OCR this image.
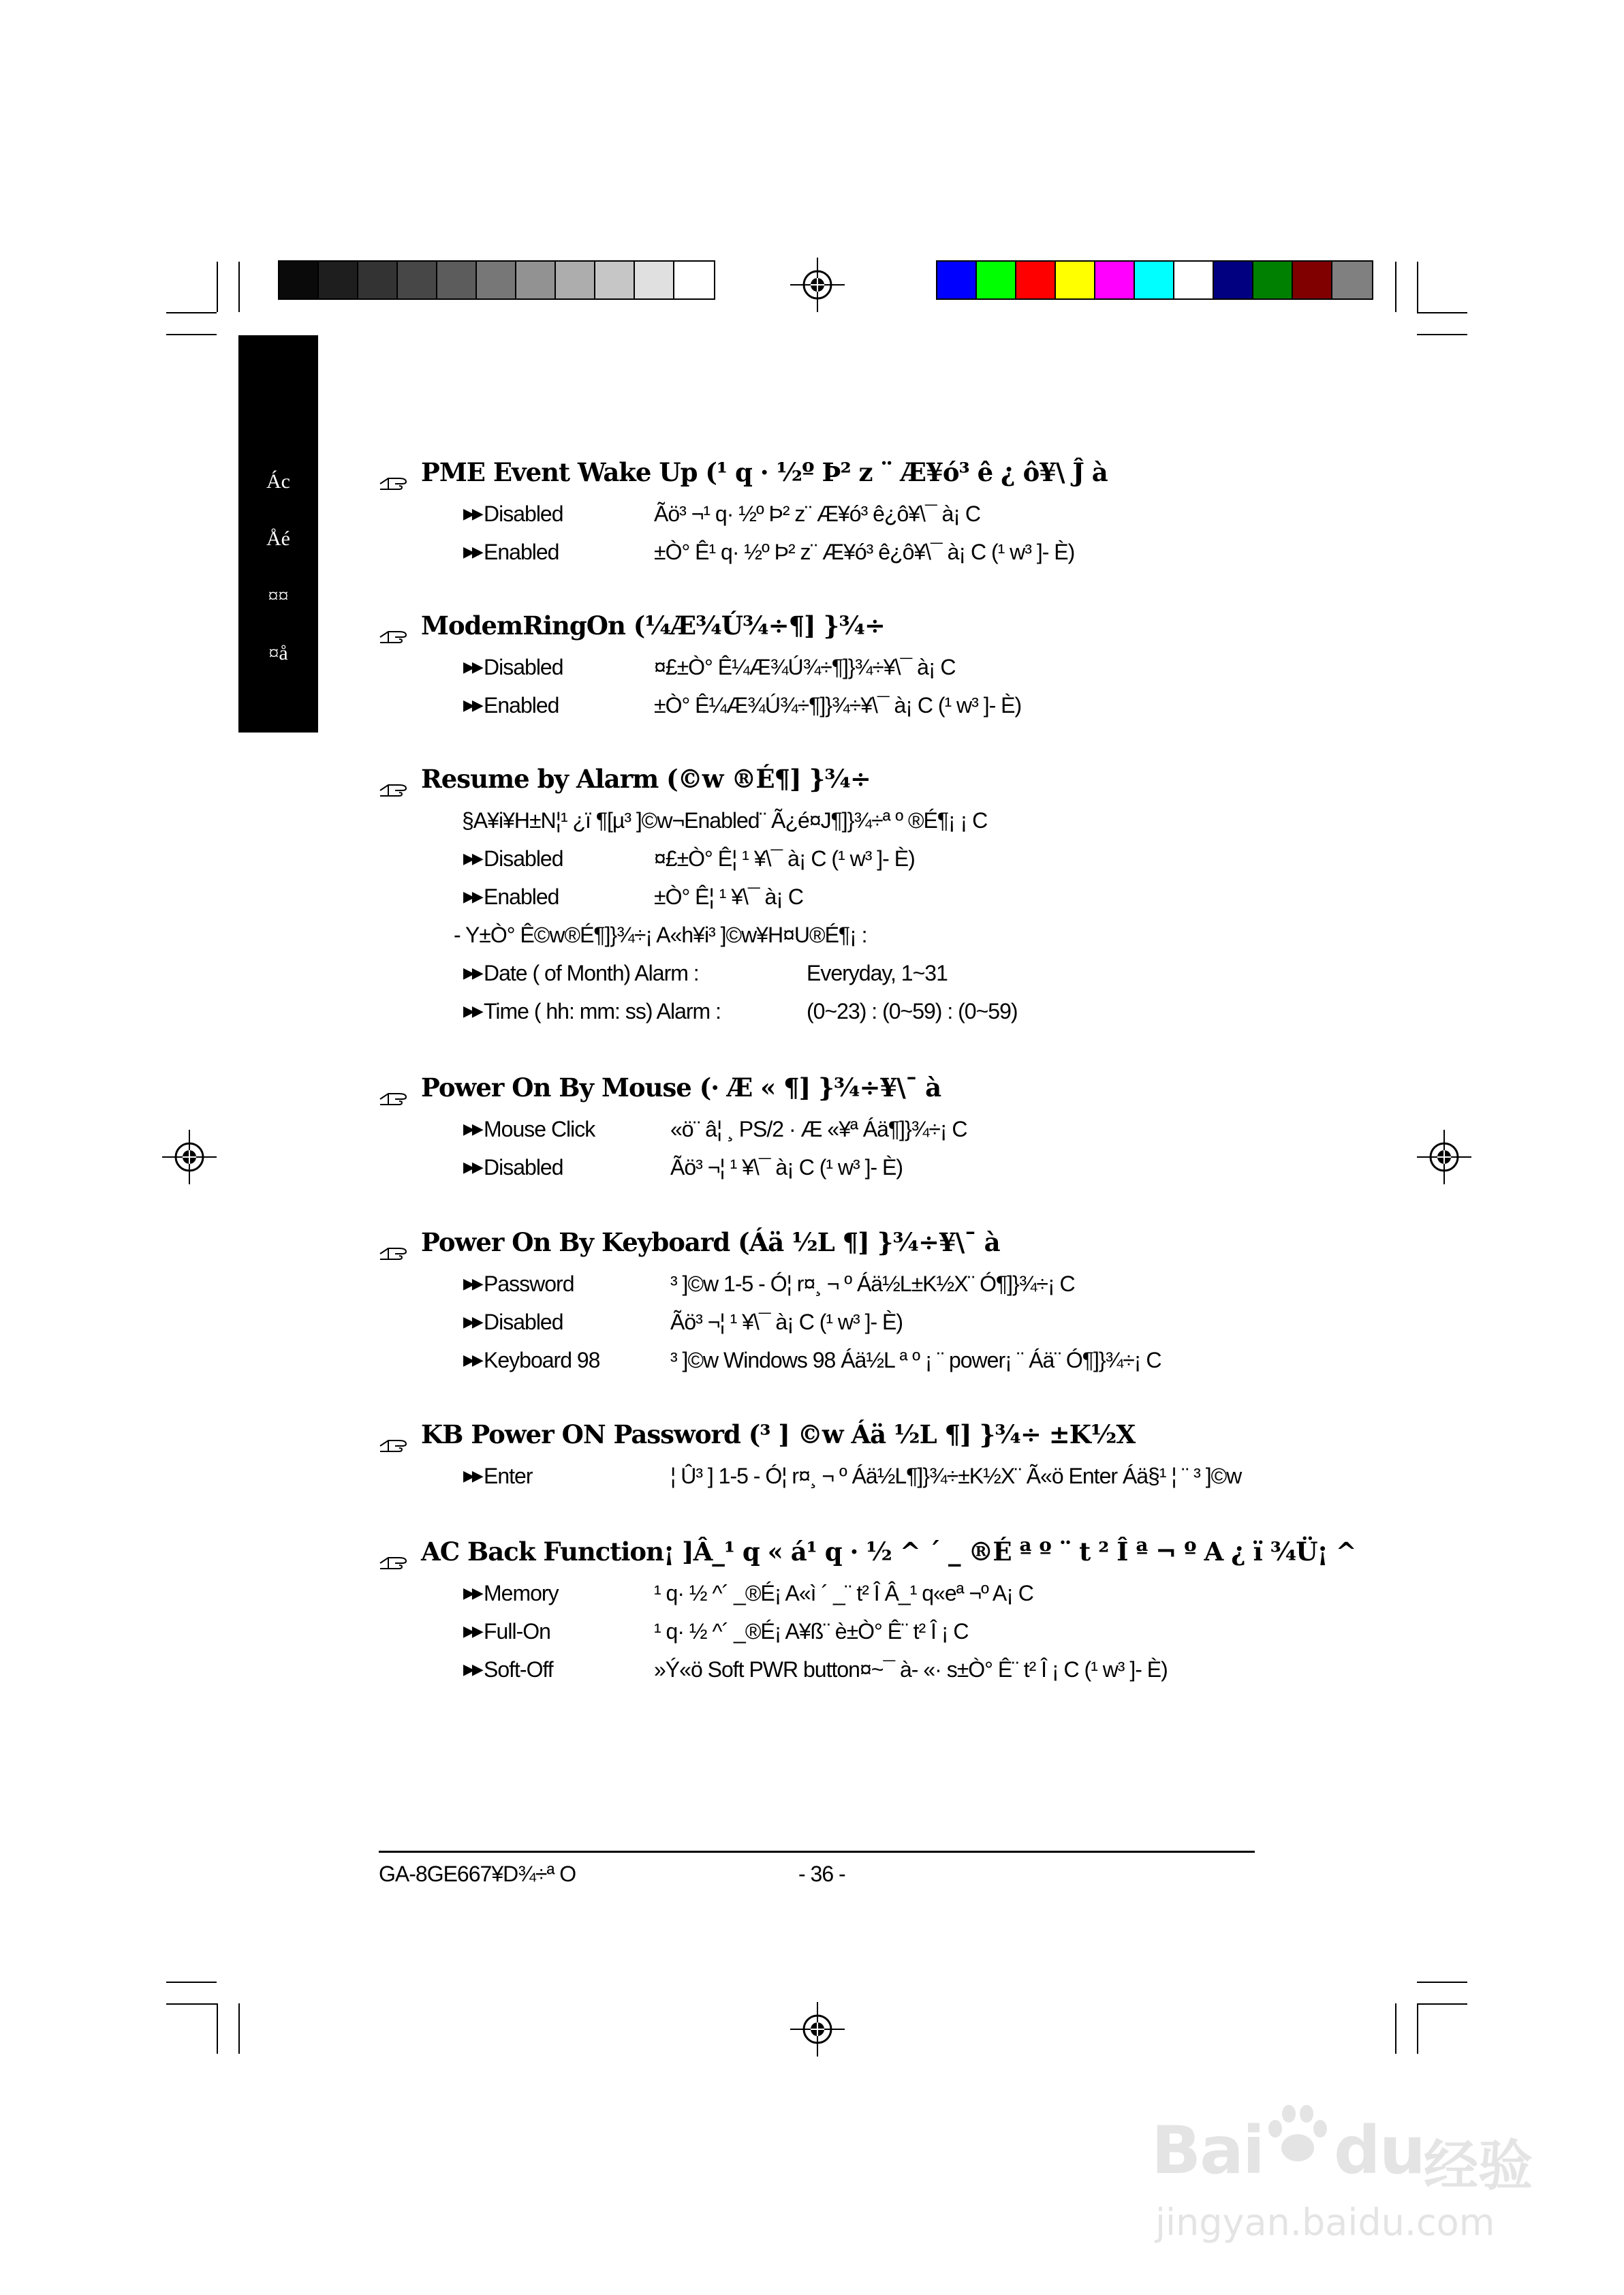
Ác
Åé
¤¤
¤å
PME Event Wake Up (¹ q · ½º Þ² z ¨ Æ¥ó³ ê ¿ ô¥\ Ĵ à
▶▶ Disabled	Ãö³ ¬¹ q· ½º Þ² z¨ Æ¥ó³ ê¿ô¥\¯ à¡ C
▶▶ Enabled	±Ò° Ê¹ q· ½º Þ² z¨ Æ¥ó³ ê¿ô¥\¯ à¡ C (¹ w³ ]- È)
ModemRingOn (¼Æ¾Ú¾÷¶] }¾÷
▶▶ Disabled	¤£±Ò° Ê¼Æ¾Ú¾÷¶]}¾÷¥\¯ à¡ C
▶▶ Enabled	±Ò° Ê¼Æ¾Ú¾÷¶]}¾÷¥\¯ à¡ C (¹ w³ ]- È)
Resume by Alarm (©w ®É¶] }¾÷
§A¥i¥H±N¦¹ ¿ï ¶[µ³ ]©w¬Enabled¨ Ã¿é¤J¶]}¾÷ª º ®É¶¡ ¡ C
▶▶ Disabled	¤£±Ò° Ê¦ ¹ ¥\¯ à¡ C (¹ w³ ]- È)
▶▶ Enabled	±Ò° Ê¦ ¹ ¥\¯ à¡ C
- Y±Ò° Ê©w®É¶]}¾÷¡ A«h¥i³ ]©w¥H¤U®É¶¡ :
▶▶ Date ( of Month) Alarm :	Everyday, 1~31
▶▶ Time ( hh: mm: ss) Alarm :	(0~23) : (0~59) : (0~59)
Power On By Mouse (· Æ « ¶] }¾÷¥\¯ à
▶▶ Mouse Click	«ö¨ â¦ ¸ PS/2 · Æ «¥ª Áä¶]}¾÷¡ C
▶▶ Disabled	Ãö³ ¬¦ ¹ ¥\¯ à¡ C (¹ w³ ]- È)
Power On By Keyboard (Áä ½L ¶] }¾÷¥\¯ à
▶▶ Password	³ ]©w 1-5 - Ó¦ r¤¸ ¬ º Áä½L±K½X¨ Ó¶]}¾÷¡ C
▶▶ Disabled	Ãö³ ¬¦ ¹ ¥\¯ à¡ C (¹ w³ ]- È)
▶▶ Keyboard 98	³ ]©w Windows 98 Áä½L ª º ¡ ¨ power¡ ¨ Áä¨ Ó¶]}¾÷¡ C
KB Power ON Password (³ ] ©w Áä ½L ¶] }¾÷ ±K½X
▶▶ Enter	¦ Û³ ] 1-5 - Ó¦ r¤¸ ¬ º Áä½L¶]}¾÷±K½X¨ Ã«ö Enter Áä§¹ ¦ ¨ ³ ]©w
AC Back Function¡ ]Â_¹ q « á¹ q · ½ ^ ´ _ ®É ª º ¨ t ² Î ª ¬ º A ¿ ï ¾Ü¡ ^
▶▶ Memory	¹ q· ½ ^´ _®É¡ A«ì ´ _¨ t² Î Â_¹ q«eª ¬º A¡ C
▶▶ Full-On	¹ q· ½ ^´ _®É¡ A¥ß¨ è±Ò° Ê¨ t² Î ¡ C
▶▶ Soft-Off	»Ý«ö Soft PWR button¤~¯ à- «· s±Ò° Ê¨ t² Î ¡ C (¹ w³ ]- È)
GA-8GE667¥D¾÷ª O	- 36 -
Bai du
经验
jingyan.baidu.com
